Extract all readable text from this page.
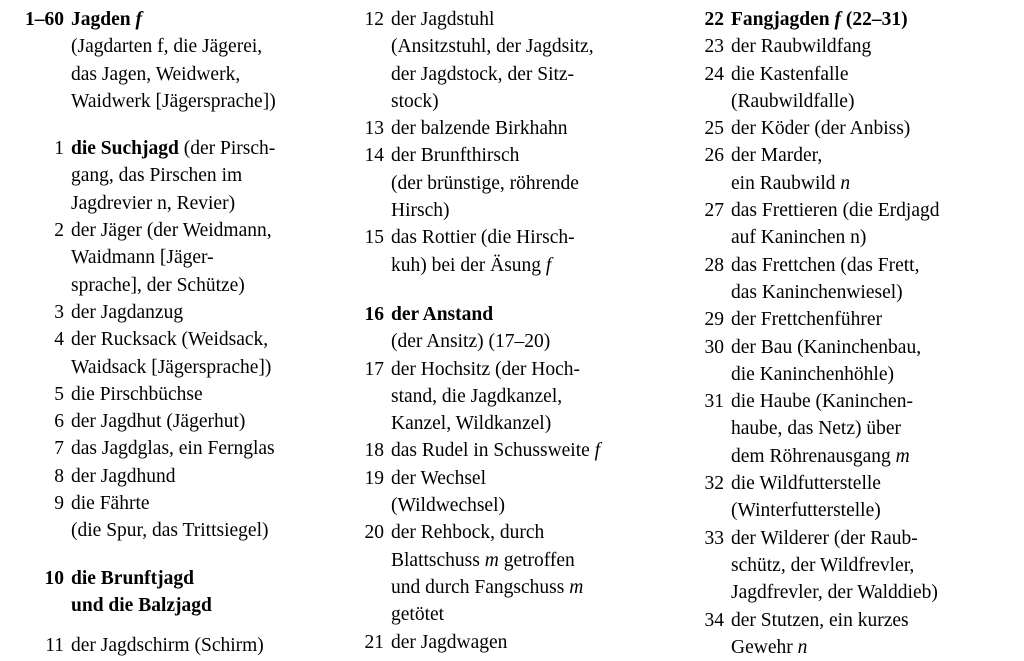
1–60 Jagden f
(Jagdarten f, die Jägerei,
das Jagen, Weidwerk,
Waidwerk [Jägersprache])
1 die Suchjagd (der Pirsch-
gang, das Pirschen im
Jagdrevier n, Revier)
2 der Jäger (der Weidmann,
Waidmann [Jäger-
sprache], der Schütze)
3 der Jagdanzug
4 der Rucksack (Weidsack,
Waidsack [Jägersprache])
5 die Pirschbüchse
6 der Jagdhut (Jägerhut)
7 das Jagdglas, ein Fernglas
8 der Jagdhund
9 die Fährte
(die Spur, das Trittsiegel)
10 die Brunftjagd
und die Balzjagd
11 der Jagdschirm (Schirm)
12 der Jagdstuhl
(Ansitzstuhl, der Jagdsitz,
der Jagdstock, der Sitz-
stock)
13 der balzende Birkhahn
14 der Brunfthirsch
(der brünstige, röhrende
Hirsch)
15 das Rottier (die Hirsch-
kuh) bei der Äsung f
16 der Anstand
(der Ansitz) (17–20)
17 der Hochsitz (der Hoch-
stand, die Jagdkanzel,
Kanzel, Wildkanzel)
18 das Rudel in Schussweite f
19 der Wechsel
(Wildwechsel)
20 der Rehbock, durch
Blattschuss m getroffen
und durch Fangschuss m
getötet
21 der Jagdwagen
22 Fangjagden f (22–31)
23 der Raubwildfang
24 die Kastenfalle
(Raubwildfalle)
25 der Köder (der Anbiss)
26 der Marder,
ein Raubwild n
27 das Frettieren (die Erdjagd
auf Kaninchen n)
28 das Frettchen (das Frett,
das Kaninchenwiesel)
29 der Frettchenführer
30 der Bau (Kaninchenbau,
die Kaninchenhöhle)
31 die Haube (Kaninchen-
haube, das Netz) über
dem Röhrenausgang m
32 die Wildfutterstelle
(Winterfutterstelle)
33 der Wilderer (der Raub-
schütz, der Wildfrevler,
Jagdfrevler, der Walddieb)
34 der Stutzen, ein kurzes
Gewehr n
